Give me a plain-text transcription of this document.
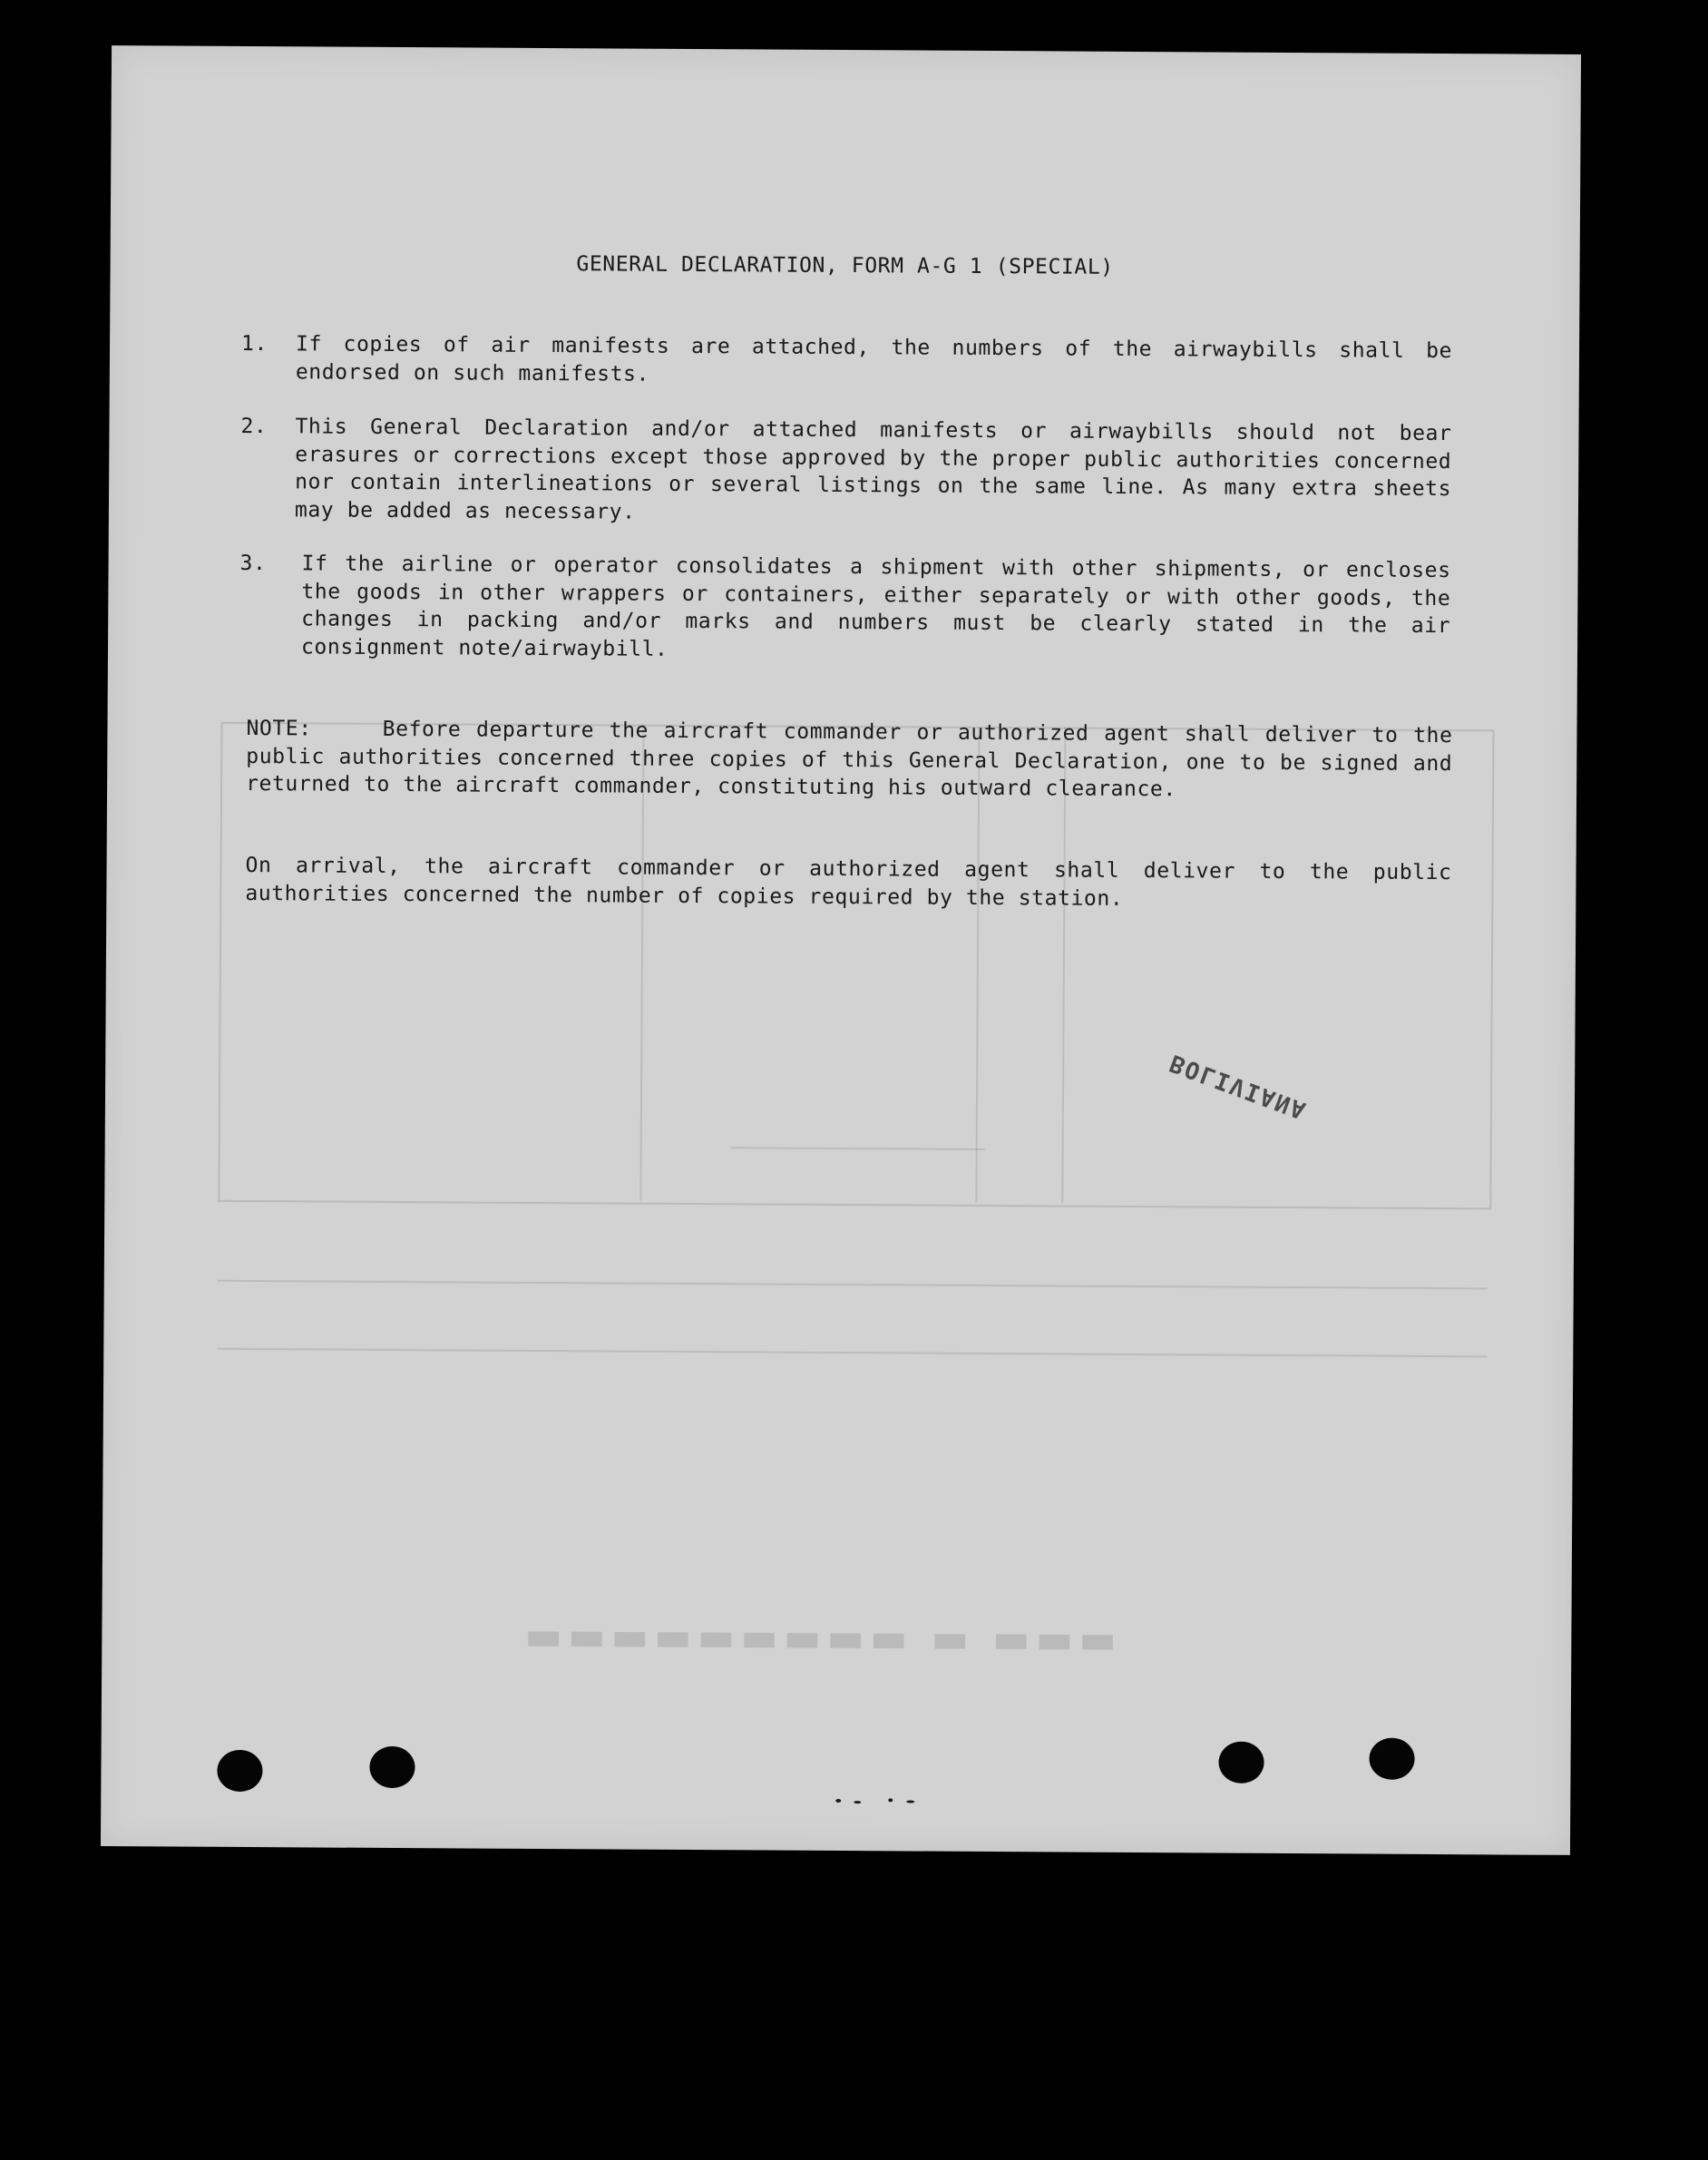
▬▬▬ ▬ ▬▬▬▬▬▬▬▬▬
GENERAL DECLARATION, FORM A-G 1 (SPECIAL)
1.	If copies of air manifests are attached, the numbers of the airwaybills shall be endorsed on such manifests.
2.	This General Declaration and/or attached manifests or airwaybills should not bear erasures or corrections except those approved by the proper public authorities concerned nor contain interlineations or several listings on the same line. As many extra sheets may be added as necessary.
3.	If the airline or operator consolidates a shipment with other shipments, or encloses the goods in other wrappers or containers, either separately or with other goods, the changes in packing and/or marks and numbers must be clearly stated in the air consignment note/airwaybill.
NOTE:	Before departure the aircraft commander or authorized agent shall deliver to the public authorities concerned three copies of this General Declaration, one to be signed and returned to the aircraft commander, constituting his outward clearance.
On arrival, the aircraft commander or authorized agent shall deliver to the public authorities concerned the number of copies required by the station.
BOLIVIANA
